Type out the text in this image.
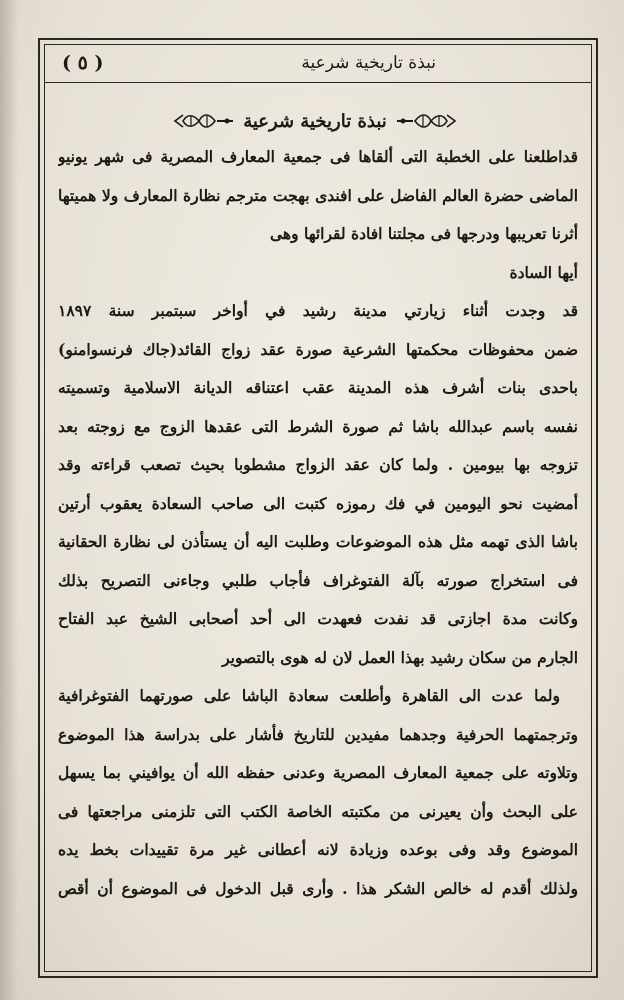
نبذة تاريخية شرعية
( ٥ )
نبذة تاريخية شرعية
قداطلعنا على الخطبة التى ألقاها فى جمعية المعارف المصرية فى شهر يونيو
الماضى حضرة العالم الفاضل على افندى بهجت مترجم نظارة المعارف ولا هميتها
أثرنا تعريبها ودرجها فى مجلتنا افادة لقرائها وهى
أيها السادة
قد وجدت أثناء زيارتي مدينة رشيد في أواخر سبتمبر سنة ١٨٩٧
ضمن محفوظات محكمتها الشرعية صورة عقد زواج القائد(جاك فرنسوامنو)
باحدى بنات أشرف هذه المدينة عقب اعتناقه الديانة الاسلامية وتسميته
نفسه باسم عبدالله باشا ثم صورة الشرط التى عقدها الزوج مع زوجته بعد
تزوجه بها بيومين . ولما كان عقد الزواج مشطوبا بحيث تصعب قراءته وقد
أمضيت نحو اليومين في فك رموزه كتبت الى صاحب السعادة يعقوب أرتين
باشا الذى تهمه مثل هذه الموضوعات وطلبت اليه أن يستأذن لى نظارة الحقانية
فى استخراج صورته بآلة الفتوغراف فأجاب طلبي وجاءنى التصريح بذلك
وكانت مدة اجازتى قد نفدت فعهدت الى أحد أصحابى الشيخ عبد الفتاح
الجارم من سكان رشيد بهذا العمل لان له هوى بالتصوير
ولما عدت الى القاهرة وأطلعت سعادة الباشا على صورتهما الفتوغرافية
وترجمتهما الحرفية وجدهما مفيدين للتاريخ فأشار على بدراسة هذا الموضوع
وتلاوته على جمعية المعارف المصرية وعدنى حفظه الله أن يوافيني بما يسهل
على البحث وأن يعيرنى من مكتبته الخاصة الكتب التى تلزمنى مراجعتها فى
الموضوع وقد وفى بوعده وزيادة لانه أعطانى غير مرة تقييدات بخط يده
ولذلك أقدم له خالص الشكر هذا . وأرى قبل الدخول فى الموضوع أن أقص
